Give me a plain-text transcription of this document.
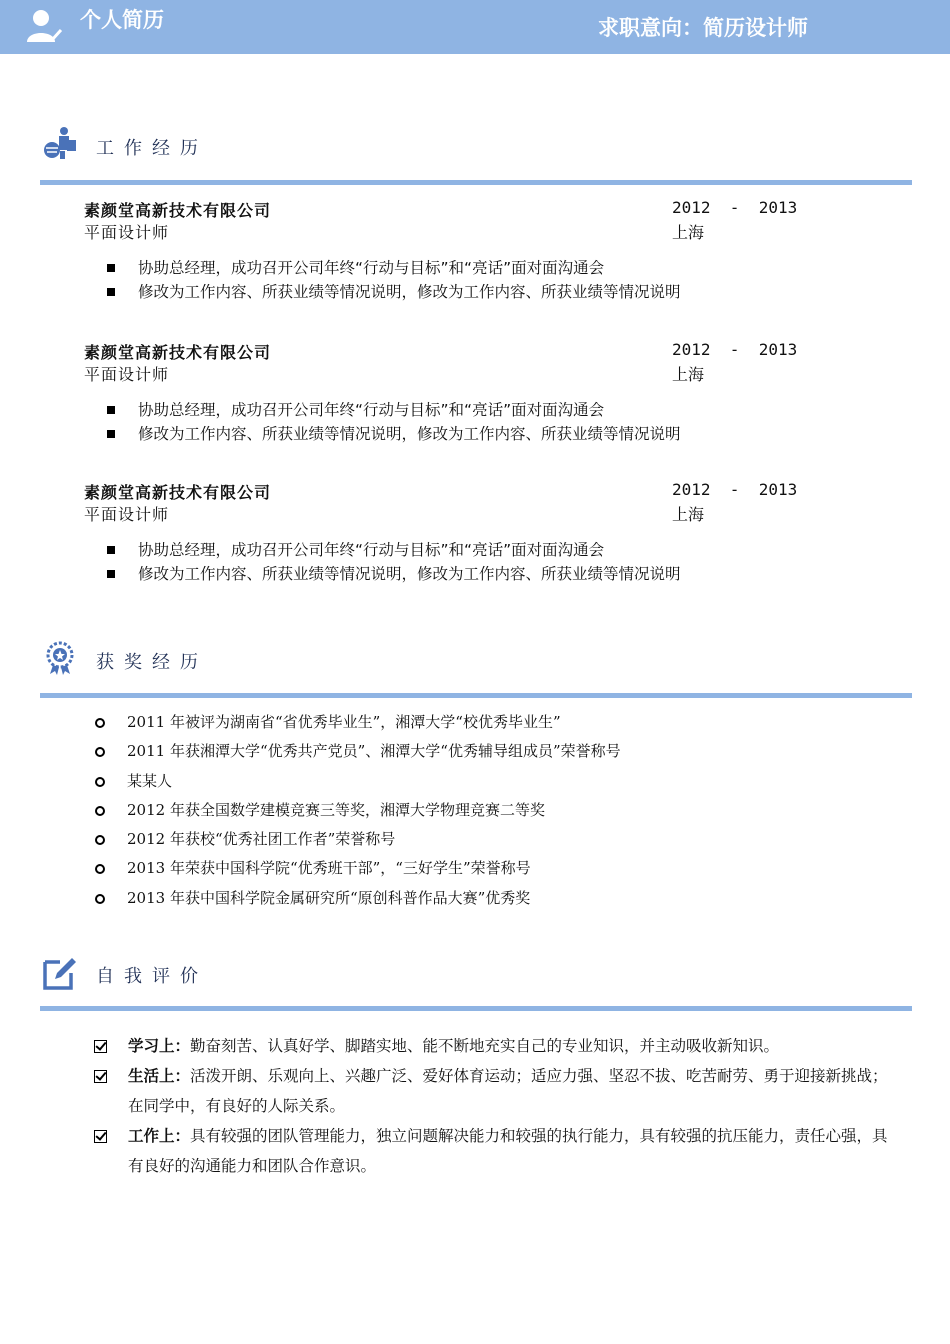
个人简历	求职意向：简历设计师
工作经历
素颜堂高新技术有限公司
平面设计师
2012  -  2013
上海
协助总经理，成功召开公司年终“行动与目标”和“亮话”面对面沟通会
修改为工作内容、所获业绩等情况说明，修改为工作内容、所获业绩等情况说明
素颜堂高新技术有限公司
平面设计师
2012  -  2013
上海
协助总经理，成功召开公司年终“行动与目标”和“亮话”面对面沟通会
修改为工作内容、所获业绩等情况说明，修改为工作内容、所获业绩等情况说明
素颜堂高新技术有限公司
平面设计师
2012  -  2013
上海
协助总经理，成功召开公司年终“行动与目标”和“亮话”面对面沟通会
修改为工作内容、所获业绩等情况说明，修改为工作内容、所获业绩等情况说明
获奖经历
2011 年被评为湖南省“省优秀毕业生”，湘潭大学“校优秀毕业生”
2011 年获湘潭大学“优秀共产党员”、湘潭大学“优秀辅导组成员”荣誉称号
某某人
2012 年获全国数学建模竞赛三等奖，湘潭大学物理竞赛二等奖
2012 年获校“优秀社团工作者”荣誉称号
2013 年荣获中国科学院“优秀班干部”，“三好学生”荣誉称号
2013 年获中国科学院金属研究所“原创科普作品大赛”优秀奖
自我评价
学习上：勤奋刻苦、认真好学、脚踏实地、能不断地充实自己的专业知识，并主动吸收新知识。
生活上：活泼开朗、乐观向上、兴趣广泛、爱好体育运动；适应力强、坚忍不拔、吃苦耐劳、勇于迎接新挑战；在同学中，有良好的人际关系。
工作上：具有较强的团队管理能力，独立问题解决能力和较强的执行能力，具有较强的抗压能力，责任心强，具有良好的沟通能力和团队合作意识。
